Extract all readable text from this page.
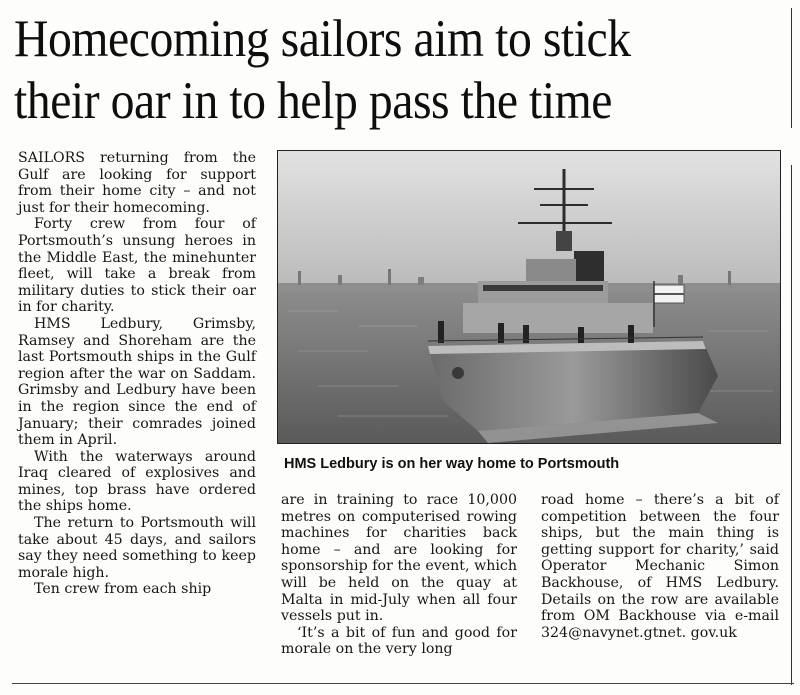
Homecoming sailors aim to stick
their oar in to help pass the time

SAILORS returning from the Gulf are looking for support from their home city – and not just for their homecoming.

Forty crew from four of Portsmouth’s unsung heroes in the Middle East, the minehunter fleet, will take a break from military duties to stick their oar in for charity.

HMS Ledbury, Grimsby, Ramsey and Shoreham are the last Portsmouth ships in the Gulf region after the war on Saddam. Grimsby and Ledbury have been in the region since the end of January; their comrades joined them in April.

With the waterways around Iraq cleared of explosives and mines, top brass have ordered the ships home.

The return to Portsmouth will take about 45 days, and sailors say they need something to keep morale high.

Ten crew from each ship

HMS Ledbury is on her way home to Portsmouth

are in training to race 10,000 metres on computerised rowing machines for charities back home – and are looking for sponsorship for the event, which will be held on the quay at Malta in mid-July when all four vessels put in.

‘It’s a bit of fun and good for morale on the very long

road home – there’s a bit of competition between the four ships, but the main thing is getting support for charity,’ said Operator Mechanic Simon Backhouse, of HMS Ledbury. Details on the row are available from OM Backhouse via e-mail 324@navynet.gtnet. gov.uk
